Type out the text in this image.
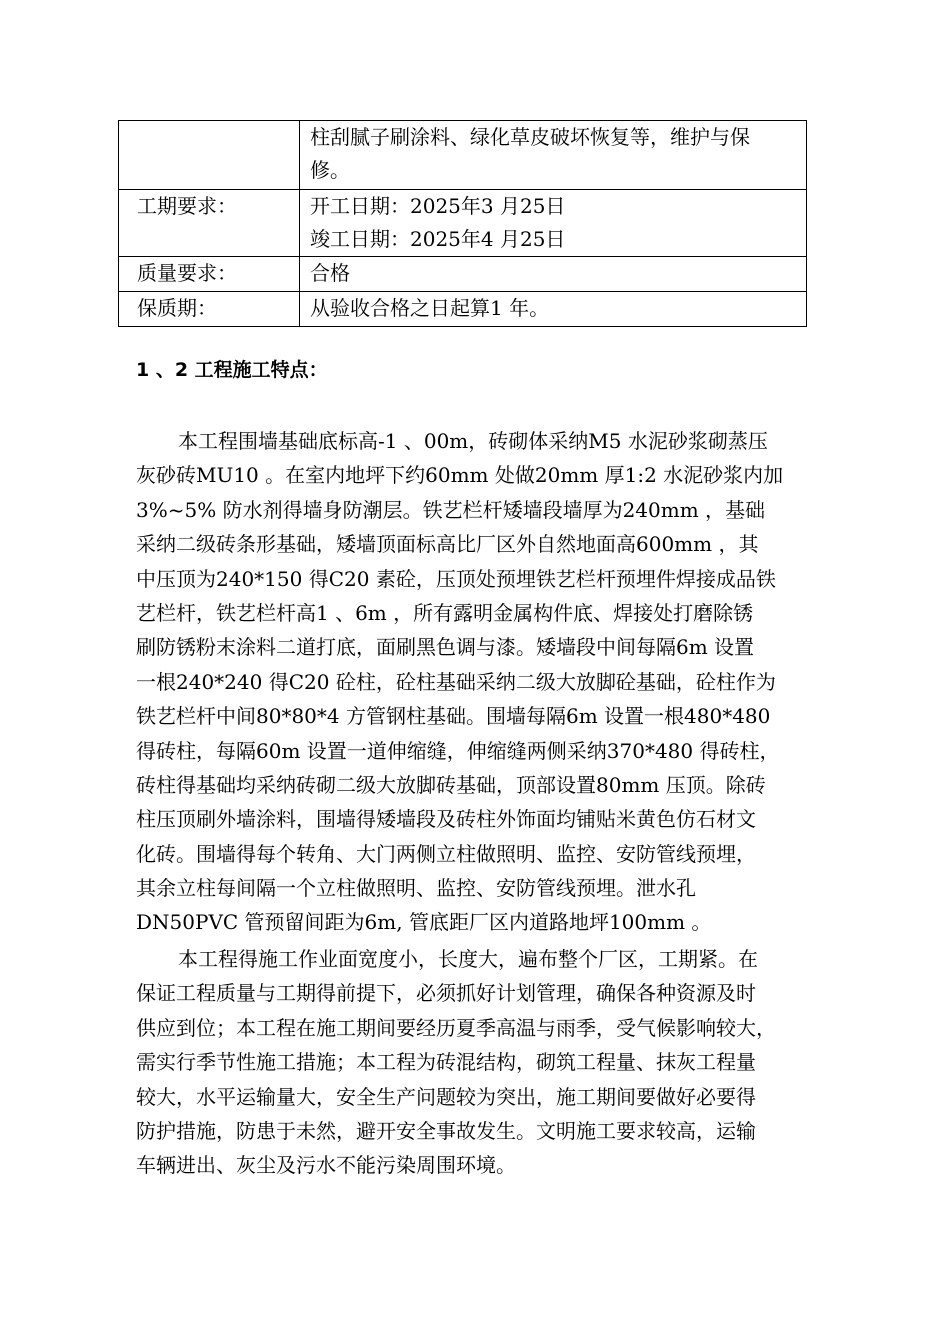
	柱刮腻子刷涂料、绿化草皮破坏恢复等，维护与保
修。

工期要求：	开工日期：2025年3 月25日
竣工日期：2025年4 月25日

质量要求：	合格

保质期：	从验收合格之日起算1 年。
1 、2 工程施工特点：
本工程围墙基础底标高-1 、00m，砖砌体采纳M5 水泥砂浆砌蒸压
灰砂砖MU10 。在室内地坪下约60mm 处做20mm 厚1:2 水泥砂浆内加
3%~5% 防水剂得墙身防潮层。铁艺栏杆矮墙段墙厚为240mm ，基础
采纳二级砖条形基础，矮墙顶面标高比厂区外自然地面高600mm ，其
中压顶为240*150 得C20 素砼，压顶处预埋铁艺栏杆预埋件焊接成品铁
艺栏杆，铁艺栏杆高1 、6m ，所有露明金属构件底、焊接处打磨除锈
刷防锈粉末涂料二道打底，面刷黑色调与漆。矮墙段中间每隔6m 设置
一根240*240 得C20 砼柱，砼柱基础采纳二级大放脚砼基础，砼柱作为
铁艺栏杆中间80*80*4 方管钢柱基础。围墙每隔6m 设置一根480*480
得砖柱，每隔60m 设置一道伸缩缝，伸缩缝两侧采纳370*480 得砖柱，
砖柱得基础均采纳砖砌二级大放脚砖基础，顶部设置80mm 压顶。除砖
柱压顶刷外墙涂料，围墙得矮墙段及砖柱外饰面均铺贴米黄色仿石材文
化砖。围墙得每个转角、大门两侧立柱做照明、监控、安防管线预埋，
其余立柱每间隔一个立柱做照明、监控、安防管线预埋。泄水孔
DN50PVC 管预留间距为6m, 管底距厂区内道路地坪100mm 。
本工程得施工作业面宽度小，长度大，遍布整个厂区，工期紧。在
保证工程质量与工期得前提下，必须抓好计划管理，确保各种资源及时
供应到位；本工程在施工期间要经历夏季高温与雨季，受气候影响较大，
需实行季节性施工措施；本工程为砖混结构，砌筑工程量、抹灰工程量
较大，水平运输量大，安全生产问题较为突出，施工期间要做好必要得
防护措施，防患于未然，避开安全事故发生。文明施工要求较高，运输
车辆进出、灰尘及污水不能污染周围环境。
